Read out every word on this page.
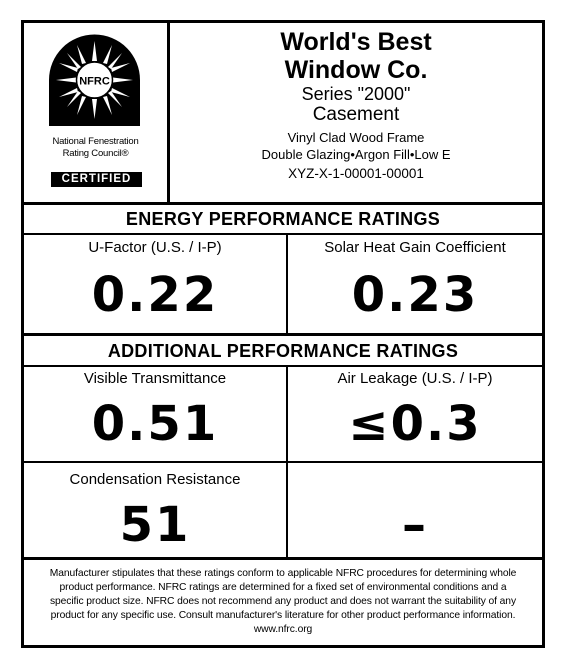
NFRC
National Fenestration
Rating Council®
CERTIFIED
World's Best
Window Co.
Series "2000"
Casement
Vinyl Clad Wood Frame
Double Glazing•Argon Fill•Low E
XYZ-X-1-00001-00001
ENERGY PERFORMANCE RATINGS
U-Factor (U.S. / I-P)
0.22
Solar Heat Gain Coefficient
0.23
ADDITIONAL PERFORMANCE RATINGS
Visible Transmittance
0.51
Air Leakage (U.S. / I-P)
≤0.3
Condensation Resistance
51	–
Manufacturer stipulates that these ratings conform to applicable NFRC procedures for determining whole
product performance. NFRC ratings are determined for a fixed set of environmental conditions and a
specific product size. NFRC does not recommend any product and does not warrant the suitability of any
product for any specific use. Consult manufacturer's literature for other product performance information.
www.nfrc.org
